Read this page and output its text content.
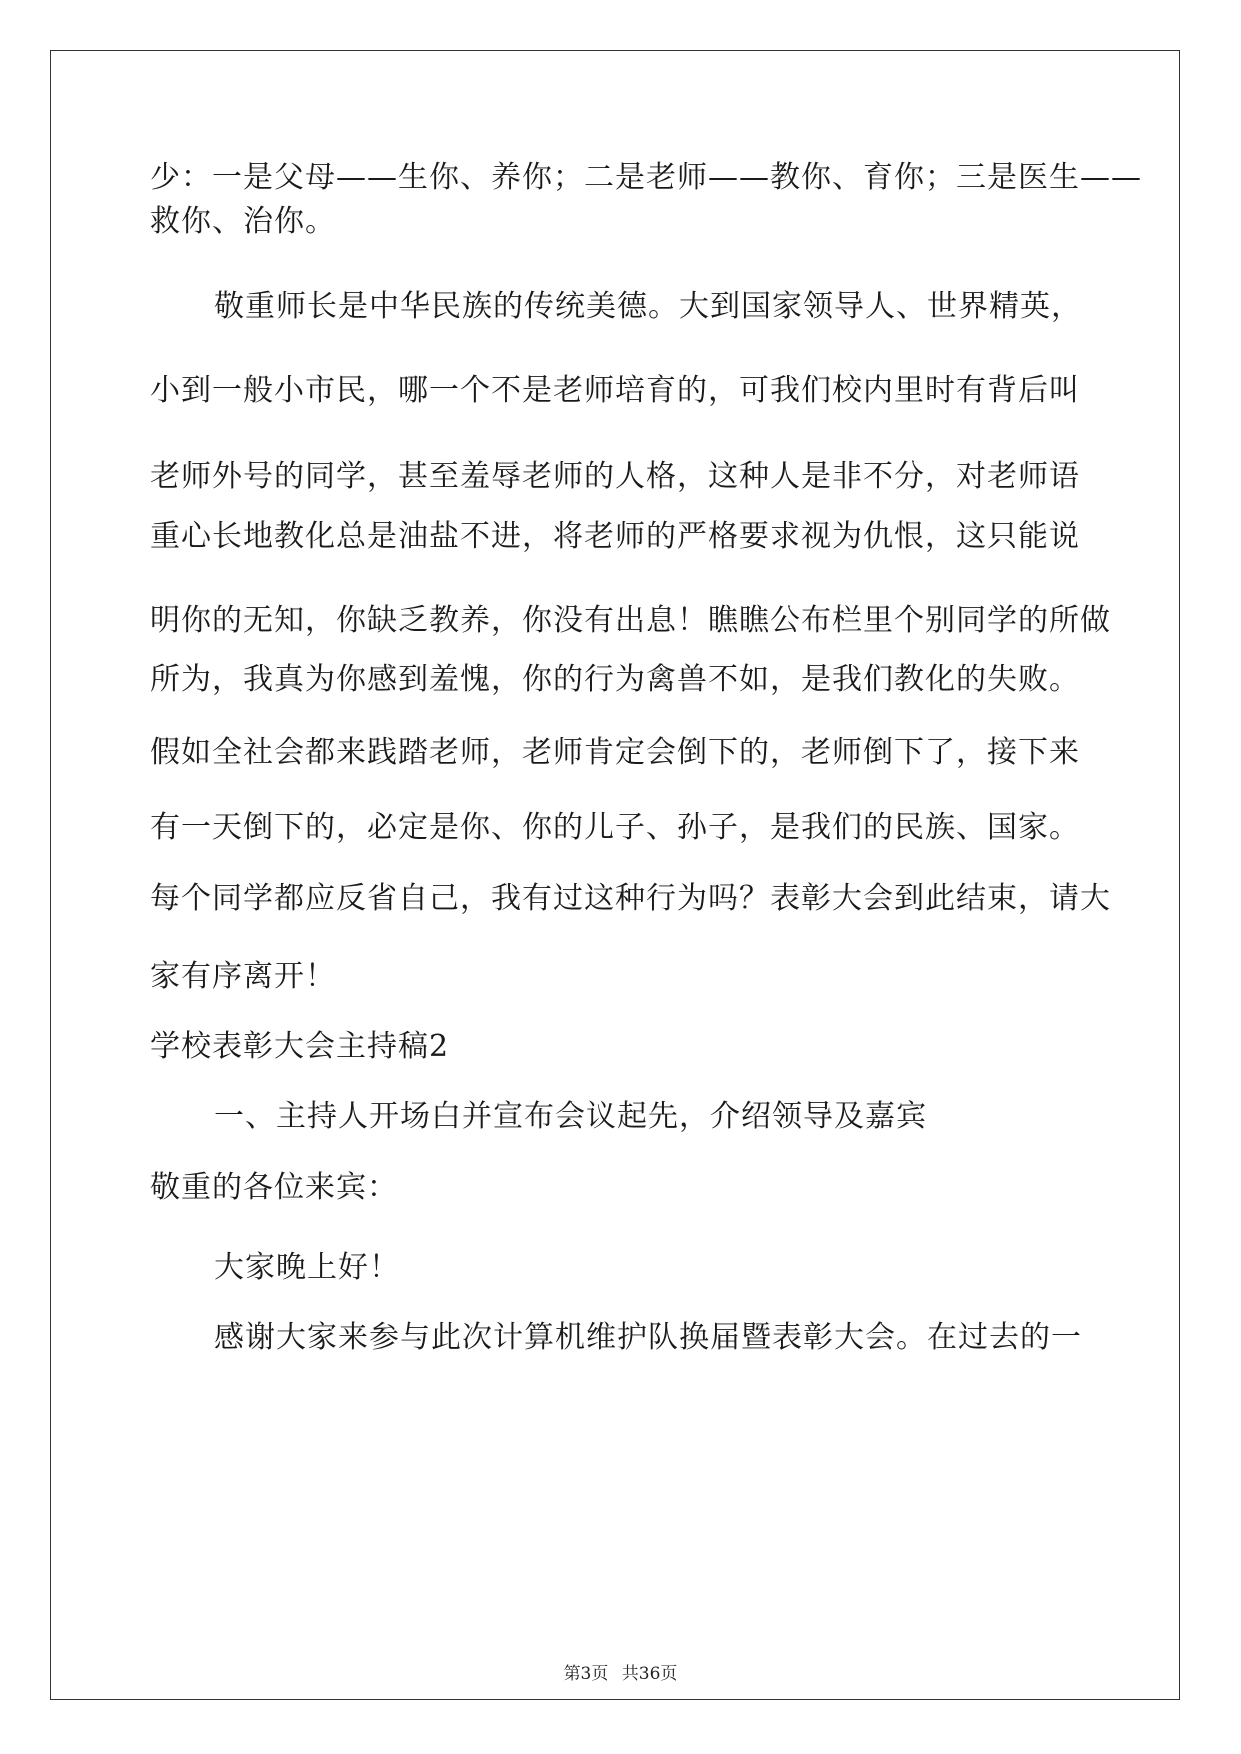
少：一是父母——生你、养你；二是老师——教你、育你；三是医生——
救你、治你。
敬重师长是中华民族的传统美德。大到国家领导人、世界精英，
小到一般小市民，哪一个不是老师培育的，可我们校内里时有背后叫
老师外号的同学，甚至羞辱老师的人格，这种人是非不分，对老师语
重心长地教化总是油盐不进，将老师的严格要求视为仇恨，这只能说
明你的无知，你缺乏教养，你没有出息！瞧瞧公布栏里个别同学的所做
所为，我真为你感到羞愧，你的行为禽兽不如，是我们教化的失败。
假如全社会都来践踏老师，老师肯定会倒下的，老师倒下了，接下来
有一天倒下的，必定是你、你的儿子、孙子，是我们的民族、国家。
每个同学都应反省自己，我有过这种行为吗？表彰大会到此结束，请大
家有序离开！
学校表彰大会主持稿2
一、主持人开场白并宣布会议起先，介绍领导及嘉宾
敬重的各位来宾：
大家晚上好！
感谢大家来参与此次计算机维护队换届暨表彰大会。在过去的一
第3页 共36页
